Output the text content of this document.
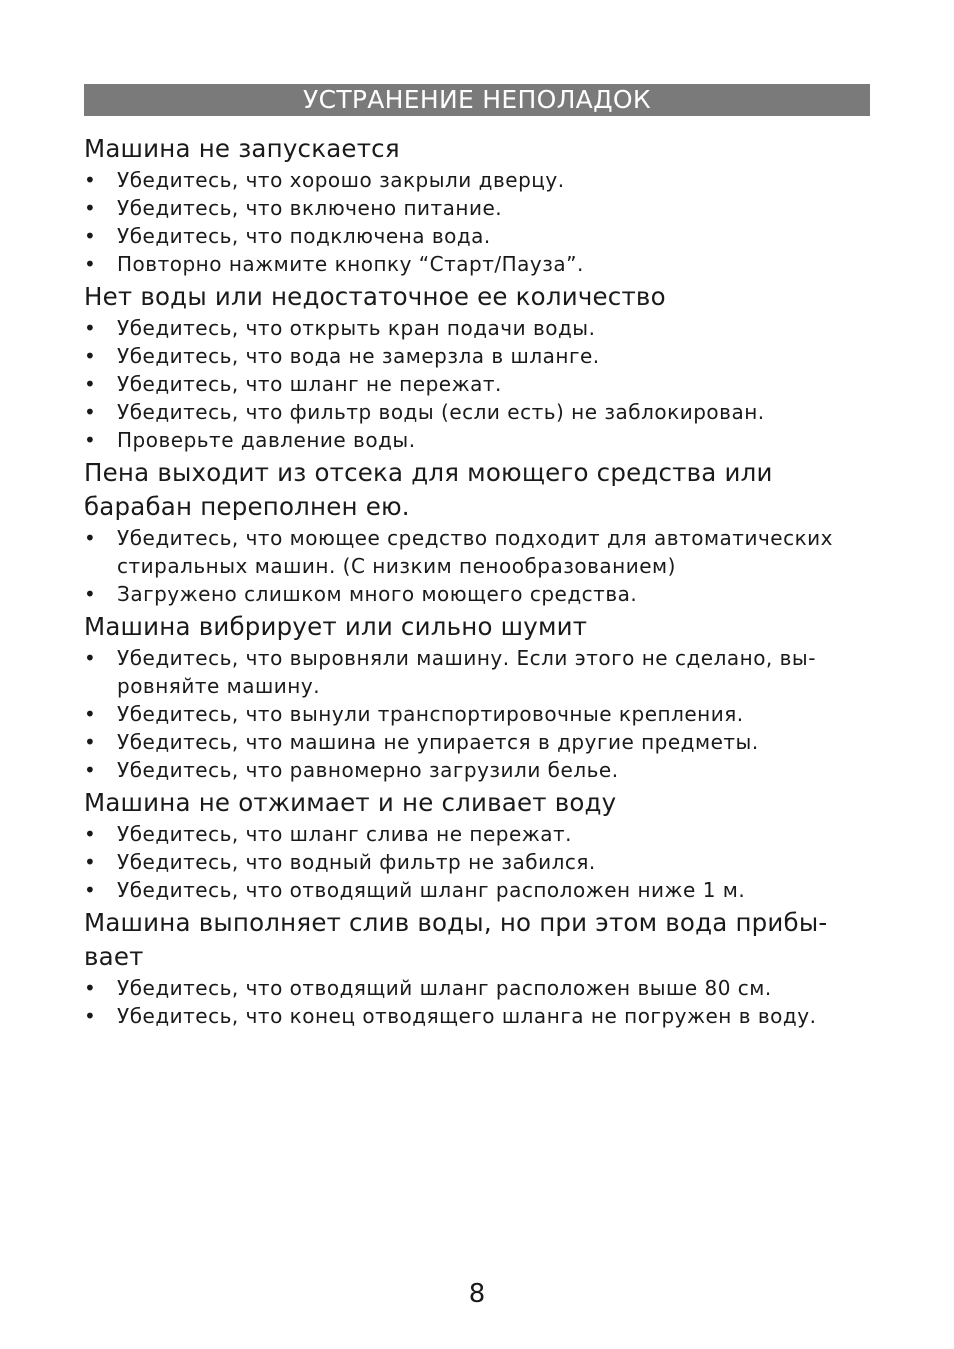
УСТРАНЕНИЕ НЕПОЛАДОК
Машина не запускается
• Убедитесь, что хорошо закрыли дверцу.
• Убедитесь, что включено питание.
• Убедитесь, что подключена вода.
• Повторно нажмите кнопку “Старт/Пауза”.
Нет воды или недостаточное ее количество
• Убедитесь, что открыть кран подачи воды.
• Убедитесь, что вода не замерзла в шланге.
• Убедитесь, что шланг не пережат.
• Убедитесь, что фильтр воды (если есть) не заблокирован.
• Проверьте давление воды.
Пена выходит из отсека для моющего средства или барабан переполнен ею.
• Убедитесь, что моющее средство подходит для автоматических стиральных машин. (С низким пенообразованием)
• Загружено слишком много моющего средства.
Машина вибрирует или сильно шумит
• Убедитесь, что выровняли машину. Если этого не сделано, выровняйте машину.
• Убедитесь, что вынули транспортировочные крепления.
• Убедитесь, что машина не упирается в другие предметы.
• Убедитесь, что равномерно загрузили белье.
Машина не отжимает и не сливает воду
• Убедитесь, что шланг слива не пережат.
• Убедитесь, что водный фильтр не забился.
• Убедитесь, что отводящий шланг расположен ниже 1 м.
Машина выполняет слив воды, но при этом вода прибывает
• Убедитесь, что отводящий шланг расположен выше 80 см.
• Убедитесь, что конец отводящего шланга не погружен в воду.
8
